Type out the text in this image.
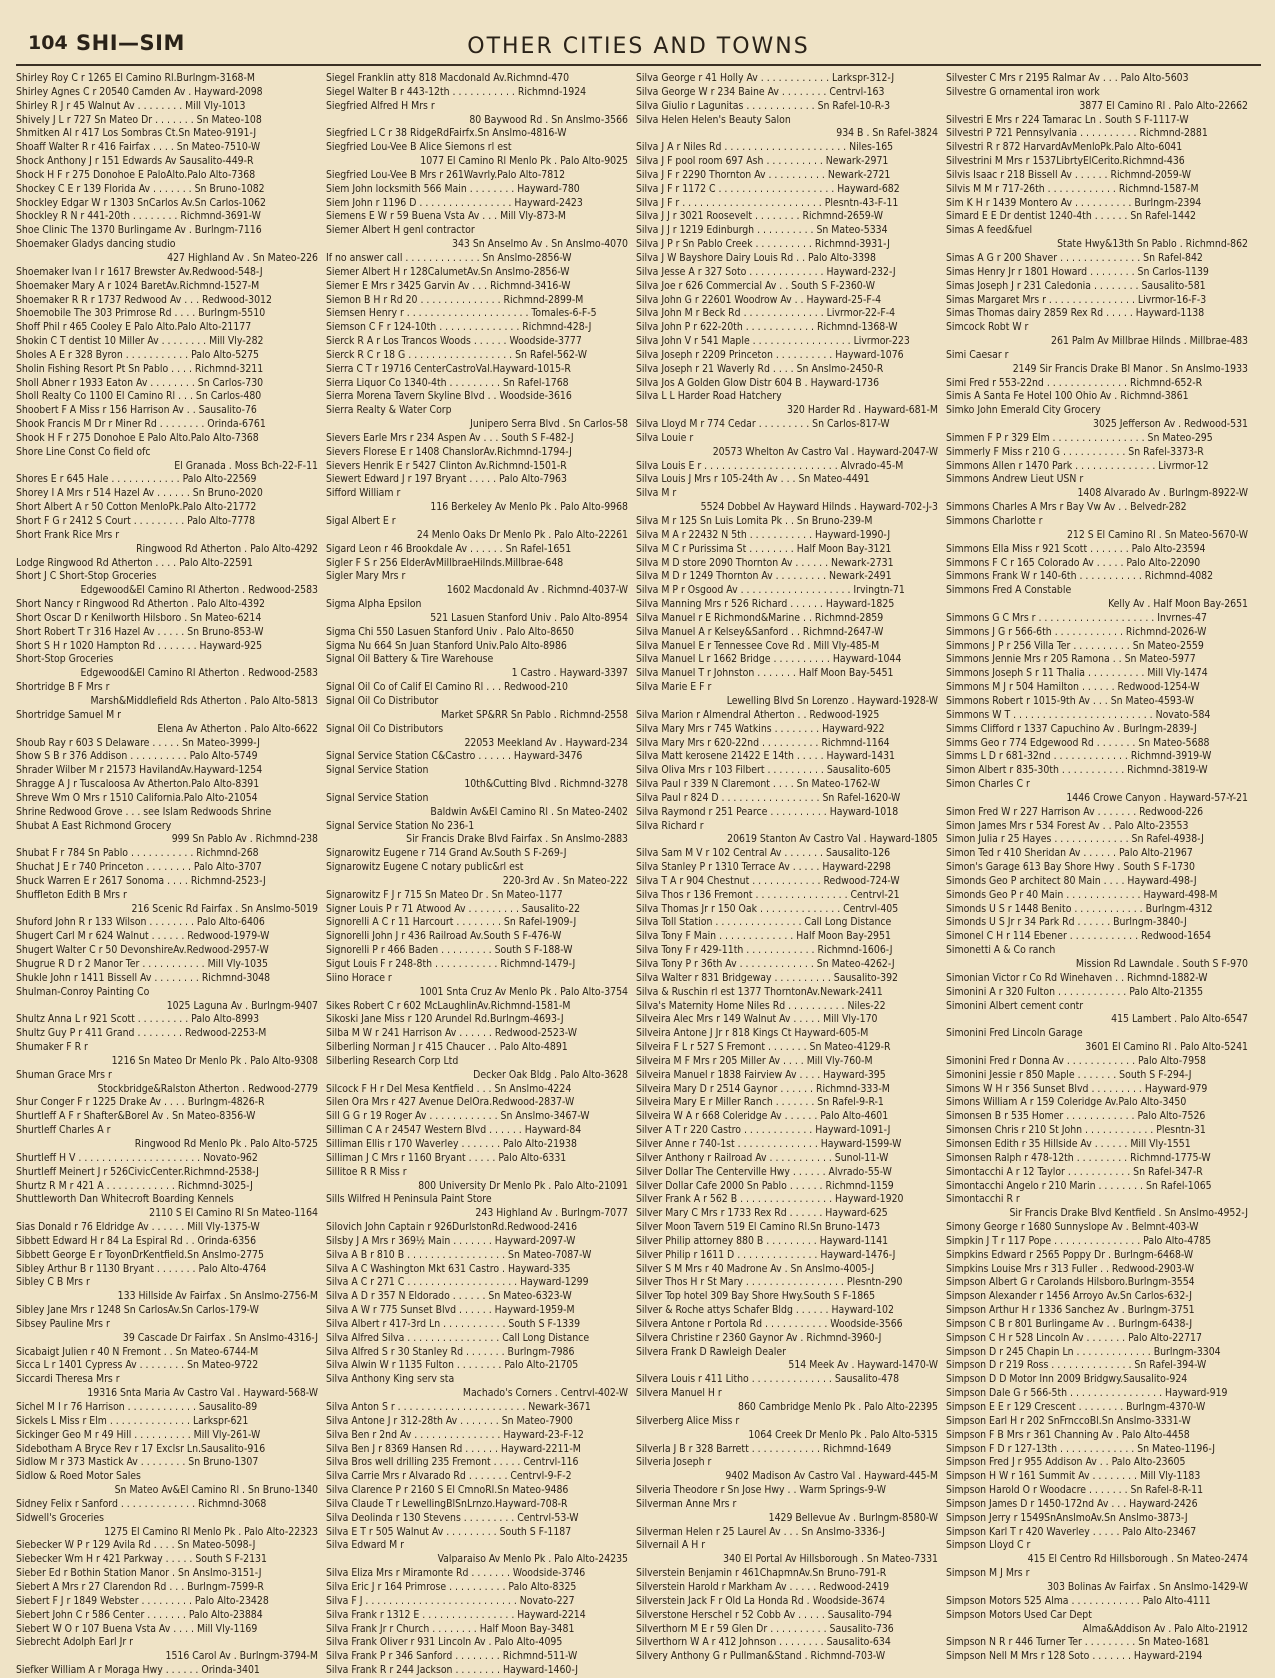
104 SHI—SIM	OTHER CITIES AND TOWNS
Shirley Roy C r 1265 El Camino Rl.Burlngm-3168-M
Shirley Agnes C r 20540 Camden Av . Hayward-2098
Shirley R J r 45 Walnut Av . . . . . . . . Mill Vly-1013
Shively J L r 727 Sn Mateo Dr . . . . . . . Sn Mateo-108
Shmitken Al r 417 Los Sombras Ct.Sn Mateo-9191-J
Shoaff Walter R r 416 Fairfax . . . . Sn Mateo-7510-W
Shock Anthony J r 151 Edwards Av Sausalito-449-R
Shock H F r 275 Donohoe E PaloAlto.Palo Alto-7368
Shockey C E r 139 Florida Av . . . . . . . Sn Bruno-1082
Shockley Edgar W r 1303 SnCarlos Av.Sn Carlos-1062
Shockley R N r 441-20th . . . . . . . . Richmnd-3691-W
Shoe Clinic The 1370 Burlingame Av . Burlngm-7116
Shoemaker Gladys dancing studio
427 Highland Av . Sn Mateo-226
Shoemaker Ivan I r 1617 Brewster Av.Redwood-548-J
Shoemaker Mary A r 1024 BaretAv.Richmnd-1527-M
Shoemaker R R r 1737 Redwood Av . . . Redwood-3012
Shoemobile The 303 Primrose Rd . . . . Burlngm-5510
Shoff Phil r 465 Cooley E Palo Alto.Palo Alto-21177
Shokin C T dentist 10 Miller Av . . . . . . . . Mill Vly-282
Sholes A E r 328 Byron . . . . . . . . . . . Palo Alto-5275
Sholin Fishing Resort Pt Sn Pablo . . . . Richmnd-3211
Sholl Abner r 1933 Eaton Av . . . . . . . . Sn Carlos-730
Sholl Realty Co 1100 El Camino Rl . . . Sn Carlos-480
Shoobert F A Miss r 156 Harrison Av . . Sausalito-76
Shook Francis M Dr r Miner Rd . . . . . . . . Orinda-6761
Shook H F r 275 Donohoe E Palo Alto.Palo Alto-7368
Shore Line Const Co field ofc
El Granada . Moss Bch-22-F-11
Shores E r 645 Hale . . . . . . . . . . . . Palo Alto-22569
Shorey I A Mrs r 514 Hazel Av . . . . . . Sn Bruno-2020
Short Albert A r 50 Cotton MenloPk.Palo Alto-21772
Short F G r 2412 S Court . . . . . . . . . Palo Alto-7778
Short Frank Rice Mrs r
Ringwood Rd Atherton . Palo Alto-4292
Lodge Ringwood Rd Atherton . . . . Palo Alto-22591
Short J C Short-Stop Groceries
Edgewood&El Camino Rl Atherton . Redwood-2583
Short Nancy r Ringwood Rd Atherton . Palo Alto-4392
Short Oscar D r Kenilworth Hilsboro . Sn Mateo-6214
Short Robert T r 316 Hazel Av . . . . . Sn Bruno-853-W
Short S H r 1020 Hampton Rd . . . . . . . Hayward-925
Short-Stop Groceries
Edgewood&El Camino Rl Atherton . Redwood-2583
Shortridge B F Mrs r
Marsh&Middlefield Rds Atherton . Palo Alto-5813
Shortridge Samuel M r
Elena Av Atherton . Palo Alto-6622
Shoub Ray r 603 S Delaware . . . . . Sn Mateo-3999-J
Show S B r 376 Addison . . . . . . . . . . Palo Alto-5749
Shrader Wilber M r 21573 HavilandAv.Hayward-1254
Shragge A J r Tuscaloosa Av Atherton.Palo Alto-8391
Shreve Wm O Mrs r 1510 California.Palo Alto-21054
Shrine Redwood Grove . . . see Islam Redwoods Shrine
Shubat A East Richmond Grocery
999 Sn Pablo Av . Richmnd-238
Shubat F r 784 Sn Pablo . . . . . . . . . . . Richmnd-268
Shuchat J E r 740 Princeton . . . . . . . . Palo Alto-3707
Shuck Warren E r 2617 Sonoma . . . . Richmnd-2523-J
Shuffleton Edith B Mrs r
216 Scenic Rd Fairfax . Sn Anslmo-5019
Shuford John R r 133 Wilson . . . . . . . . Palo Alto-6406
Shugert Carl M r 624 Walnut . . . . . . Redwood-1979-W
Shugert Walter C r 50 DevonshireAv.Redwood-2957-W
Shugrue R D r 2 Manor Ter . . . . . . . . . . . Mill Vly-1035
Shukle John r 1411 Bissell Av . . . . . . . . Richmnd-3048
Shulman-Conroy Painting Co
1025 Laguna Av . Burlngm-9407
Shultz Anna L r 921 Scott . . . . . . . . . Palo Alto-8993
Shultz Guy P r 411 Grand . . . . . . . . Redwood-2253-M
Shumaker F R r
1216 Sn Mateo Dr Menlo Pk . Palo Alto-9308
Shuman Grace Mrs r
Stockbridge&Ralston Atherton . Redwood-2779
Shur Conger F r 1225 Drake Av . . . . Burlngm-4826-R
Shurtleff A F r Shafter&Borel Av . Sn Mateo-8356-W
Shurtleff Charles A r
Ringwood Rd Menlo Pk . Palo Alto-5725
Shurtleff H V . . . . . . . . . . . . . . . . . . . . . Novato-962
Shurtleff Meinert J r 526CivicCenter.Richmnd-2538-J
Shurtz R M r 421 A . . . . . . . . . . . . Richmnd-3025-J
Shuttleworth Dan Whitecroft Boarding Kennels
2110 S El Camino Rl Sn Mateo-1164
Sias Donald r 76 Eldridge Av . . . . . . Mill Vly-1375-W
Sibbett Edward H r 84 La Espiral Rd . . Orinda-6356
Sibbett George E r ToyonDrKentfield.Sn Anslmo-2775
Sibley Arthur B r 1130 Bryant . . . . . . . Palo Alto-4764
Sibley C B Mrs r
133 Hillside Av Fairfax . Sn Anslmo-2756-M
Sibley Jane Mrs r 1248 Sn CarlosAv.Sn Carlos-179-W
Sibsey Pauline Mrs r
39 Cascade Dr Fairfax . Sn Anslmo-4316-J
Sicabaigt Julien r 40 N Fremont . . Sn Mateo-6744-M
Sicca L r 1401 Cypress Av . . . . . . . . Sn Mateo-9722
Siccardi Theresa Mrs r
19316 Snta Maria Av Castro Val . Hayward-568-W
Sichel M I r 76 Harrison . . . . . . . . . . . . Sausalito-89
Sickels L Miss r Elm . . . . . . . . . . . . . . Larkspr-621
Sickinger Geo M r 49 Hill . . . . . . . . . . Mill Vly-261-W
Sidebotham A Bryce Rev r 17 Exclsr Ln.Sausalito-916
Sidlow M r 373 Mastick Av . . . . . . . . Sn Bruno-1307
Sidlow & Roed Motor Sales
Sn Mateo Av&El Camino Rl . Sn Bruno-1340
Sidney Felix r Sanford . . . . . . . . . . . . . Richmnd-3068
Sidwell's Groceries
1275 El Camino Rl Menlo Pk . Palo Alto-22323
Siebecker W P r 129 Avila Rd . . . . Sn Mateo-5098-J
Siebecker Wm H r 421 Parkway . . . . . South S F-2131
Sieber Ed r Bothin Station Manor . Sn Anslmo-3151-J
Siebert A Mrs r 27 Clarendon Rd . . . Burlngm-7599-R
Siebert F J r 1849 Webster . . . . . . . . . Palo Alto-23428
Siebert John C r 586 Center . . . . . . . Palo Alto-23884
Siebert W O r 107 Buena Vsta Av . . . . Mill Vly-1169
Siebrecht Adolph Earl Jr r
1516 Carol Av . Burlngm-3794-M
Siefker William A r Moraga Hwy . . . . . . Orinda-3401
Siegel Franklin atty 818 Macdonald Av.Richmnd-470
Siegel Walter B r 443-12th . . . . . . . . . . . Richmnd-1924
Siegfried Alfred H Mrs r
80 Baywood Rd . Sn Anslmo-3566
Siegfried L C r 38 RidgeRdFairfx.Sn Anslmo-4816-W
Siegfried Lou-Vee B Alice Siemons rl est
1077 El Camino Rl Menlo Pk . Palo Alto-9025
Siegfried Lou-Vee B Mrs r 261Wavrly.Palo Alto-7812
Siem John locksmith 566 Main . . . . . . . . Hayward-780
Siem John r 1196 D . . . . . . . . . . . . . . . . Hayward-2423
Siemens E W r 59 Buena Vsta Av . . . Mill Vly-873-M
Siemer Albert H genl contractor
343 Sn Anselmo Av . Sn Anslmo-4070
If no answer call . . . . . . . . . . . . . Sn Anslmo-2856-W
Siemer Albert H r 128CalumetAv.Sn Anslmo-2856-W
Siemer E Mrs r 3425 Garvin Av . . . Richmnd-3416-W
Siemon B H r Rd 20 . . . . . . . . . . . . . . Richmnd-2899-M
Siemsen Henry r . . . . . . . . . . . . . . . . . . . . . Tomales-6-F-5
Siemson C F r 124-10th . . . . . . . . . . . . . . Richmnd-428-J
Sierck R A r Los Trancos Woods . . . . . . Woodside-3777
Sierck R C r 18 G . . . . . . . . . . . . . . . . . . Sn Rafel-562-W
Sierra C T r 19716 CenterCastroVal.Hayward-1015-R
Sierra Liquor Co 1340-4th . . . . . . . . . Sn Rafel-1768
Sierra Morena Tavern Skyline Blvd . . Woodside-3616
Sierra Realty & Water Corp
Junipero Serra Blvd . Sn Carlos-58
Sievers Earle Mrs r 234 Aspen Av . . . South S F-482-J
Sievers Florese E r 1408 ChanslorAv.Richmnd-1794-J
Sievers Henrik E r 5427 Clinton Av.Richmnd-1501-R
Siewert Edward J r 197 Bryant . . . . . Palo Alto-7963
Sifford William r
116 Berkeley Av Menlo Pk . Palo Alto-9968
Sigal Albert E r
24 Menlo Oaks Dr Menlo Pk . Palo Alto-22261
Sigard Leon r 46 Brookdale Av . . . . . . Sn Rafel-1651
Sigler F S r 256 ElderAvMillbraeHilnds.Millbrae-648
Sigler Mary Mrs r
1602 Macdonald Av . Richmnd-4037-W
Sigma Alpha Epsilon
521 Lasuen Stanford Univ . Palo Alto-8954
Sigma Chi 550 Lasuen Stanford Univ . Palo Alto-8650
Sigma Nu 664 Sn Juan Stanford Univ.Palo Alto-8986
Signal Oil Battery & Tire Warehouse
1 Castro . Hayward-3397
Signal Oil Co of Calif El Camino Rl . . . Redwood-210
Signal Oil Co Distributor
Market SP&RR Sn Pablo . Richmnd-2558
Signal Oil Co Distributors
22053 Meekland Av . Hayward-234
Signal Service Station C&Castro . . . . . . Hayward-3476
Signal Service Station
10th&Cutting Blvd . Richmnd-3278
Signal Service Station
Baldwin Av&El Camino Rl . Sn Mateo-2402
Signal Service Station No 236-1
Sir Francis Drake Blvd Fairfax . Sn Anslmo-2883
Signarowitz Eugene r 714 Grand Av.South S F-269-J
Signarowitz Eugene C notary public&rl est
220-3rd Av . Sn Mateo-222
Signarowitz F J r 715 Sn Mateo Dr . Sn Mateo-1177
Signer Louis P r 71 Atwood Av . . . . . . . . . Sausalito-22
Signorelli A C r 11 Harcourt . . . . . . . . Sn Rafel-1909-J
Signorelli John J r 436 Railroad Av.South S F-476-W
Signorelli P r 466 Baden . . . . . . . . . South S F-188-W
Sigut Louis F r 248-8th . . . . . . . . . . . Richmnd-1479-J
Siino Horace r
1001 Snta Cruz Av Menlo Pk . Palo Alto-3754
Sikes Robert C r 602 McLaughlinAv.Richmnd-1581-M
Sikoski Jane Miss r 120 Arundel Rd.Burlngm-4693-J
Silba M W r 241 Harrison Av . . . . . . Redwood-2523-W
Silberling Norman J r 415 Chaucer . . Palo Alto-4891
Silberling Research Corp Ltd
Decker Oak Bldg . Palo Alto-3628
Silcock F H r Del Mesa Kentfield . . . Sn Anslmo-4224
Silen Ora Mrs r 427 Avenue DelOra.Redwood-2837-W
Sill G G r 19 Roger Av . . . . . . . . . . . . Sn Anslmo-3467-W
Silliman C A r 24547 Western Blvd . . . . . . Hayward-84
Silliman Ellis r 170 Waverley . . . . . . . Palo Alto-21938
Silliman J C Mrs r 1160 Bryant . . . . . Palo Alto-6331
Sillitoe R R Miss r
800 University Dr Menlo Pk . Palo Alto-21091
Sills Wilfred H Peninsula Paint Store
243 Highland Av . Burlngm-7077
Silovich John Captain r 926DurlstonRd.Redwood-2416
Silsby J A Mrs r 369½ Main . . . . . . . Hayward-2097-W
Silva A B r 810 B . . . . . . . . . . . . . . . . . Sn Mateo-7087-W
Silva A C Washington Mkt 631 Castro . Hayward-335
Silva A C r 271 C . . . . . . . . . . . . . . . . . . . Hayward-1299
Silva A D r 357 N Eldorado . . . . . . Sn Mateo-6323-W
Silva A W r 775 Sunset Blvd . . . . . . Hayward-1959-M
Silva Albert r 417-3rd Ln . . . . . . . . . . . South S F-1339
Silva Alfred Silva . . . . . . . . . . . . . . . . Call Long Distance
Silva Alfred S r 30 Stanley Rd . . . . . . . Burlngm-7986
Silva Alwin W r 1135 Fulton . . . . . . . . Palo Alto-21705
Silva Anthony King serv sta
Machado's Corners . Centrvl-402-W
Silva Anton S r . . . . . . . . . . . . . . . . . . . . . . Newark-3671
Silva Antone J r 312-28th Av . . . . . . . Sn Mateo-7900
Silva Ben r 2nd Av . . . . . . . . . . . . . . . Hayward-23-F-12
Silva Ben J r 8369 Hansen Rd . . . . . . Hayward-2211-M
Silva Bros well drilling 235 Fremont . . . . . Centrvl-116
Silva Carrie Mrs r Alvarado Rd . . . . . . . Centrvl-9-F-2
Silva Clarence P r 2160 S El CmnoRl.Sn Mateo-9486
Silva Claude T r LewellingBlSnLrnzo.Hayward-708-R
Silva Deolinda r 130 Stevens . . . . . . . . . Centrvl-53-W
Silva E T r 505 Walnut Av . . . . . . . . . South S F-1187
Silva Edward M r
Valparaiso Av Menlo Pk . Palo Alto-24235
Silva Eliza Mrs r Miramonte Rd . . . . . . . Woodside-3746
Silva Eric J r 164 Primrose . . . . . . . . . . Palo Alto-8325
Silva F J . . . . . . . . . . . . . . . . . . . . . . . . . . Novato-227
Silva Frank r 1312 E . . . . . . . . . . . . . . . . Hayward-2214
Silva Frank Jr r Church . . . . . . . . Half Moon Bay-3481
Silva Frank Oliver r 931 Lincoln Av . Palo Alto-4095
Silva Frank P r 346 Sanford . . . . . . . . Richmnd-511-W
Silva Frank R r 244 Jackson . . . . . . . . Hayward-1460-J
Silva George r 41 Holly Av . . . . . . . . . . . . Larkspr-312-J
Silva George W r 234 Baine Av . . . . . . . . Centrvl-163
Silva Giulio r Lagunitas . . . . . . . . . . . . Sn Rafel-10-R-3
Silva Helen Helen's Beauty Salon
934 B . Sn Rafel-3824
Silva J A r Niles Rd . . . . . . . . . . . . . . . . . . . . . Niles-165
Silva J F pool room 697 Ash . . . . . . . . . . Newark-2971
Silva J F r 2290 Thornton Av . . . . . . . . . . Newark-2721
Silva J F r 1172 C . . . . . . . . . . . . . . . . . . . . Hayward-682
Silva J F r . . . . . . . . . . . . . . . . . . . . . . . . Plesntn-43-F-11
Silva J J r 3021 Roosevelt . . . . . . . . Richmnd-2659-W
Silva J J r 1219 Edinburgh . . . . . . . . . . Sn Mateo-5334
Silva J P r Sn Pablo Creek . . . . . . . . . . Richmnd-3931-J
Silva J W Bayshore Dairy Louis Rd . . Palo Alto-3398
Silva Jesse A r 327 Soto . . . . . . . . . . . . . Hayward-232-J
Silva Joe r 626 Commercial Av . . South S F-2360-W
Silva John G r 22601 Woodrow Av . . Hayward-25-F-4
Silva John M r Beck Rd . . . . . . . . . . . . . . Livrmor-22-F-4
Silva John P r 622-20th . . . . . . . . . . . . Richmnd-1368-W
Silva John V r 541 Maple . . . . . . . . . . . . . . . . . Livrmor-223
Silva Joseph r 2209 Princeton . . . . . . . . . . Hayward-1076
Silva Joseph r 21 Waverly Rd . . . . Sn Anslmo-2450-R
Silva Jos A Golden Glow Distr 604 B . Hayward-1736
Silva L L Harder Road Hatchery
320 Harder Rd . Hayward-681-M
Silva Lloyd M r 774 Cedar . . . . . . . . . Sn Carlos-817-W
Silva Louie r
20573 Whelton Av Castro Val . Hayward-2047-W
Silva Louis E r . . . . . . . . . . . . . . . . . . . . . . . Alvrado-45-M
Silva Louis J Mrs r 105-24th Av . . . Sn Mateo-4491
Silva M r
5524 Dobbel Av Hayward Hilnds . Hayward-702-J-3
Silva M r 125 Sn Luis Lomita Pk . . Sn Bruno-239-M
Silva M A r 22432 N 5th . . . . . . . . . . . Hayward-1990-J
Silva M C r Purissima St . . . . . . . . Half Moon Bay-3121
Silva M D store 2090 Thornton Av . . . . . . Newark-2731
Silva M D r 1249 Thornton Av . . . . . . . . . Newark-2491
Silva M P r Osgood Av . . . . . . . . . . . . . . . . . . . Irvingtn-71
Silva Manning Mrs r 526 Richard . . . . . . Hayward-1825
Silva Manuel r E Richmond&Marine . . Richmnd-2859
Silva Manuel A r Kelsey&Sanford . . Richmnd-2647-W
Silva Manuel E r Tennessee Cove Rd . Mill Vly-485-M
Silva Manuel L r 1662 Bridge . . . . . . . . . . Hayward-1044
Silva Manuel T r Johnston . . . . . . . Half Moon Bay-5451
Silva Marie E F r
Lewelling Blvd Sn Lorenzo . Hayward-1928-W
Silva Marion r Almendral Atherton . . Redwood-1925
Silva Mary Mrs r 745 Watkins . . . . . . . . Hayward-922
Silva Mary Mrs r 620-22nd . . . . . . . . . . Richmnd-1164
Silva Matt kerosene 21422 E 14th . . . . . Hayward-1431
Silva Oliva Mrs r 103 Filbert . . . . . . . . . . Sausalito-605
Silva Paul r 339 N Claremont . . . . Sn Mateo-1762-W
Silva Paul r 824 D . . . . . . . . . . . . . . . . . Sn Rafel-1620-W
Silva Raymond r 251 Pearce . . . . . . . . . . Hayward-1018
Silva Richard r
20619 Stanton Av Castro Val . Hayward-1805
Silva Sam M V r 102 Central Av . . . . . . . Sausalito-126
Silva Stanley P r 1310 Terrace Av . . . . . Hayward-2298
Silva T A r 904 Chestnut . . . . . . . . . . . . Redwood-724-W
Silva Thos r 136 Fremont . . . . . . . . . . . . . . . . Centrvl-21
Silva Thomas Jr r 150 Oak . . . . . . . . . . . . . . Centrvl-405
Silva Toll Station . . . . . . . . . . . . . . . Call Long Distance
Silva Tony F Main . . . . . . . . . . . . . Half Moon Bay-2951
Silva Tony F r 429-11th . . . . . . . . . . . . Richmnd-1606-J
Silva Tony P r 36th Av . . . . . . . . . . . . . Sn Mateo-4262-J
Silva Walter r 831 Bridgeway . . . . . . . . . . Sausalito-392
Silva & Ruschin rl est 1377 ThorntonAv.Newark-2411
Silva's Maternity Home Niles Rd . . . . . . . . . . Niles-22
Silveira Alec Mrs r 149 Walnut Av . . . . . Mill Vly-170
Silveira Antone J Jr r 818 Kings Ct Hayward-605-M
Silveira F L r 527 S Fremont . . . . . . . Sn Mateo-4129-R
Silveira M F Mrs r 205 Miller Av . . . . Mill Vly-760-M
Silveira Manuel r 1838 Fairview Av . . . . Hayward-395
Silveira Mary D r 2514 Gaynor . . . . . . Richmnd-333-M
Silveira Mary E r Miller Ranch . . . . . . . Sn Rafel-9-R-1
Silveira W A r 668 Coleridge Av . . . . . . Palo Alto-4601
Silver A T r 220 Castro . . . . . . . . . . . . Hayward-1091-J
Silver Anne r 740-1st . . . . . . . . . . . . . . Hayward-1599-W
Silver Anthony r Railroad Av . . . . . . . . . . . Sunol-11-W
Silver Dollar The Centerville Hwy . . . . . . Alvrado-55-W
Silver Dollar Cafe 2000 Sn Pablo . . . . . . Richmnd-1159
Silver Frank A r 562 B . . . . . . . . . . . . . . . . Hayward-1920
Silver Mary C Mrs r 1733 Rex Rd . . . . . . Hayward-625
Silver Moon Tavern 519 El Camino Rl.Sn Bruno-1473
Silver Philip attorney 880 B . . . . . . . . . Hayward-1141
Silver Philip r 1611 D . . . . . . . . . . . . . . Hayward-1476-J
Silver S M Mrs r 40 Madrone Av . Sn Anslmo-4005-J
Silver Thos H r St Mary . . . . . . . . . . . . . . . . . Plesntn-290
Silver Top hotel 309 Bay Shore Hwy.South S F-1865
Silver & Roche attys Schafer Bldg . . . . . . Hayward-102
Silvera Antone r Portola Rd . . . . . . . . . . . Woodside-3566
Silvera Christine r 2360 Gaynor Av . Richmnd-3960-J
Silvera Frank D Rawleigh Dealer
514 Meek Av . Hayward-1470-W
Silvera Louis r 411 Litho . . . . . . . . . . . . . . Sausalito-478
Silvera Manuel H r
860 Cambridge Menlo Pk . Palo Alto-22395
Silverberg Alice Miss r
1064 Creek Dr Menlo Pk . Palo Alto-5315
Silverla J B r 328 Barrett . . . . . . . . . . . . Richmnd-1649
Silveria Joseph r
9402 Madison Av Castro Val . Hayward-445-M
Silveria Theodore r Sn Jose Hwy . . Warm Springs-9-W
Silverman Anne Mrs r
1429 Bellevue Av . Burlngm-8580-W
Silverman Helen r 25 Laurel Av . . . Sn Anslmo-3336-J
Silvernail A H r
340 El Portal Av Hillsborough . Sn Mateo-7331
Silverstein Benjamin r 461ChapmnAv.Sn Bruno-791-R
Silverstein Harold r Markham Av . . . . . Redwood-2419
Silverstein Jack F r Old La Honda Rd . Woodside-3674
Silverstone Herschel r 52 Cobb Av . . . . . Sausalito-794
Silverthorn M E r 59 Glen Dr . . . . . . . . . . Sausalito-736
Silverthorn W A r 412 Johnson . . . . . . . . Sausalito-634
Silvery Anthony G r Pullman&Stand . Richmnd-703-W
Silvester C Mrs r 2195 Ralmar Av . . . Palo Alto-5603
Silvestre G ornamental iron work
3877 El Camino Rl . Palo Alto-22662
Silvestri E Mrs r 224 Tamarac Ln . South S F-1117-W
Silvestri P 721 Pennsylvania . . . . . . . . . . Richmnd-2881
Silvestri R r 872 HarvardAvMenloPk.Palo Alto-6041
Silvestrini M Mrs r 1537LibrtyElCerito.Richmnd-436
Silvis Isaac r 218 Bissell Av . . . . . . Richmnd-2059-W
Silvis M M r 717-26th . . . . . . . . . . . . Richmnd-1587-M
Sim K H r 1439 Montero Av . . . . . . . . . . Burlngm-2394
Simard E E Dr dentist 1240-4th . . . . . . Sn Rafel-1442
Simas A feed&fuel
State Hwy&13th Sn Pablo . Richmnd-862
Simas A G r 200 Shaver . . . . . . . . . . . . . . Sn Rafel-842
Simas Henry Jr r 1801 Howard . . . . . . . . Sn Carlos-1139
Simas Joseph J r 231 Caledonia . . . . . . . . Sausalito-581
Simas Margaret Mrs r . . . . . . . . . . . . . . . Livrmor-16-F-3
Simas Thomas dairy 2859 Rex Rd . . . . . Hayward-1138
Simcock Robt W r
261 Palm Av Millbrae Hilnds . Millbrae-483
Simi Caesar r
2149 Sir Francis Drake Bl Manor . Sn Anslmo-1933
Simi Fred r 553-22nd . . . . . . . . . . . . . . Richmnd-652-R
Simis A Santa Fe Hotel 100 Ohio Av . Richmnd-3861
Simko John Emerald City Grocery
3025 Jefferson Av . Redwood-531
Simmen F P r 329 Elm . . . . . . . . . . . . . . . . Sn Mateo-295
Simmerly F Miss r 210 G . . . . . . . . . . . Sn Rafel-3373-R
Simmons Allen r 1470 Park . . . . . . . . . . . . . . Livrmor-12
Simmons Andrew Lieut USN r
1408 Alvarado Av . Burlngm-8922-W
Simmons Charles A Mrs r Bay Vw Av . . Belvedr-282
Simmons Charlotte r
212 S El Camino Rl . Sn Mateo-5670-W
Simmons Ella Miss r 921 Scott . . . . . . . Palo Alto-23594
Simmons F C r 165 Colorado Av . . . . . Palo Alto-22090
Simmons Frank W r 140-6th . . . . . . . . . . . Richmnd-4082
Simmons Fred A Constable
Kelly Av . Half Moon Bay-2651
Simmons G C Mrs r . . . . . . . . . . . . . . . . . . . . Invrnes-47
Simmons J G r 566-6th . . . . . . . . . . . . Richmnd-2026-W
Simmons J P r 256 Villa Ter . . . . . . . . . . Sn Mateo-2559
Simmons Jennie Mrs r 205 Ramona . . Sn Mateo-5977
Simmons Joseph S r 11 Thalia . . . . . . . . . . Mill Vly-1474
Simmons M J r 504 Hamilton . . . . . . Redwood-1254-W
Simmons Robert r 1015-9th Av . . . Sn Mateo-4593-W
Simmons W T . . . . . . . . . . . . . . . . . . . . . . . . Novato-584
Simms Clifford r 1337 Capuchino Av . Burlngm-2839-J
Simms Geo r 774 Edgewood Rd . . . . . . . Sn Mateo-5688
Simms L D r 681-32nd . . . . . . . . . . . . . Richmnd-3919-W
Simon Albert r 835-30th . . . . . . . . . . . Richmnd-3819-W
Simon Charles C r
1446 Crowe Canyon . Hayward-57-Y-21
Simon Fred W r 227 Harrison Av . . . . . . . Redwood-226
Simon James Mrs r 534 Forest Av . . Palo Alto-23553
Simon Julia r 25 Hayes . . . . . . . . . . . . . Sn Rafel-4938-J
Simon Ted r 410 Sheridan Av . . . . . . Palo Alto-21967
Simon's Garage 613 Bay Shore Hwy . South S F-1730
Simonds Geo P architect 80 Main . . . . Hayward-498-J
Simonds Geo P r 40 Main . . . . . . . . . . . . . Hayward-498-M
Simonds U S r 1448 Benito . . . . . . . . . . . . Burlngm-4312
Simonds U S Jr r 34 Park Rd . . . . . . Burlngm-3840-J
Simonel C H r 114 Ebener . . . . . . . . . . . . Redwood-1654
Simonetti A & Co ranch
Mission Rd Lawndale . South S F-970
Simonian Victor r Co Rd Winehaven . . Richmnd-1882-W
Simonini A r 320 Fulton . . . . . . . . . . . . Palo Alto-21355
Simonini Albert cement contr
415 Lambert . Palo Alto-6547
Simonini Fred Lincoln Garage
3601 El Camino Rl . Palo Alto-5241
Simonini Fred r Donna Av . . . . . . . . . . . . Palo Alto-7958
Simonini Jessie r 850 Maple . . . . . . . South S F-294-J
Simons W H r 356 Sunset Blvd . . . . . . . . . Hayward-979
Simons William A r 159 Coleridge Av.Palo Alto-3450
Simonsen B r 535 Homer . . . . . . . . . . . . Palo Alto-7526
Simonsen Chris r 210 St John . . . . . . . . . . . . Plesntn-31
Simonsen Edith r 35 Hillside Av . . . . . . Mill Vly-1551
Simonsen Ralph r 478-12th . . . . . . . . . Richmnd-1775-W
Simontacchi A r 12 Taylor . . . . . . . . . . . Sn Rafel-347-R
Simontacchi Angelo r 210 Marin . . . . . . . . Sn Rafel-1065
Simontacchi R r
Sir Francis Drake Blvd Kentfield . Sn Anslmo-4952-J
Simony George r 1680 Sunnyslope Av . Belmnt-403-W
Simpkin J T r 117 Pope . . . . . . . . . . . . . . . Palo Alto-4785
Simpkins Edward r 2565 Poppy Dr . Burlngm-6468-W
Simpkins Louise Mrs r 313 Fuller . . Redwood-2903-W
Simpson Albert G r Carolands Hilsboro.Burlngm-3554
Simpson Alexander r 1456 Arroyo Av.Sn Carlos-632-J
Simpson Arthur H r 1336 Sanchez Av . Burlngm-3751
Simpson C B r 801 Burlingame Av . . Burlngm-6438-J
Simpson C H r 528 Lincoln Av . . . . . . . Palo Alto-22717
Simpson D r 245 Chapin Ln . . . . . . . . . . . . . Burlngm-3304
Simpson D r 219 Ross . . . . . . . . . . . . . . Sn Rafel-394-W
Simpson D D Motor Inn 2009 Bridgwy.Sausalito-924
Simpson Dale G r 566-5th . . . . . . . . . . . . . . . . Hayward-919
Simpson E E r 129 Crescent . . . . . . . . Burlngm-4370-W
Simpson Earl H r 202 SnFrnccoBl.Sn Anslmo-3331-W
Simpson F B Mrs r 361 Channing Av . Palo Alto-4458
Simpson F D r 127-13th . . . . . . . . . . . . . Sn Mateo-1196-J
Simpson Fred J r 955 Addison Av . . Palo Alto-23605
Simpson H W r 161 Summit Av . . . . . . . . Mill Vly-1183
Simpson Harold O r Woodacre . . . . . . . Sn Rafel-8-R-11
Simpson James D r 1450-172nd Av . . . Hayward-2426
Simpson Jerry r 1549SnAnslmoAv.Sn Anslmo-3873-J
Simpson Karl T r 420 Waverley . . . . . Palo Alto-23467
Simpson Lloyd C r
415 El Centro Rd Hillsborough . Sn Mateo-2474
Simpson M J Mrs r
303 Bolinas Av Fairfax . Sn Anslmo-1429-W
Simpson Motors 525 Alma . . . . . . . . . . . . Palo Alto-4111
Simpson Motors Used Car Dept
Alma&Addison Av . Palo Alto-21912
Simpson N R r 446 Turner Ter . . . . . . . . . Sn Mateo-1681
Simpson Nell M Mrs r 128 Soto . . . . . . . Hayward-2194
